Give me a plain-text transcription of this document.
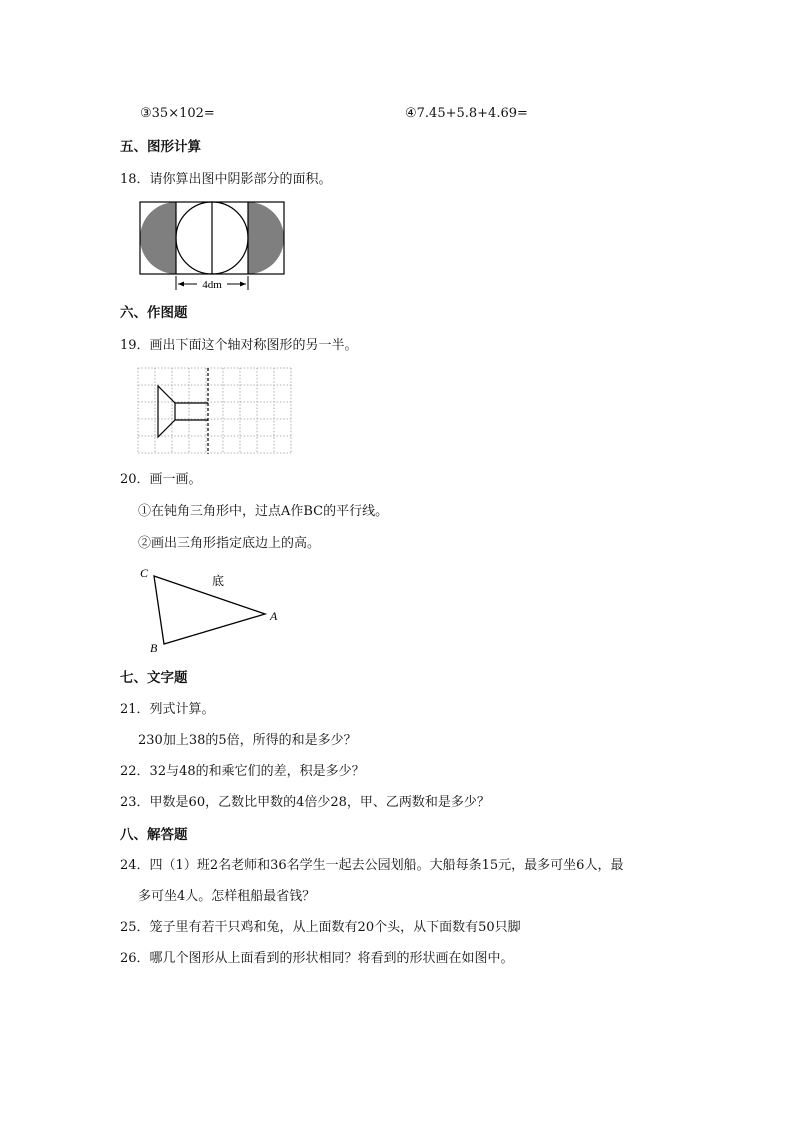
③35×102=	④7.45+5.8+4.69=
五、图形计算
18．请你算出图中阴影部分的面积。
4dm
六、作图题
19．画出下面这个轴对称图形的另一半。
20．画一画。
①在钝角三角形中，过点A作BC的平行线。
②画出三角形指定底边上的高。
C
A
B
底
七、文字题
21．列式计算。
230加上38的5倍，所得的和是多少？
22．32与48的和乘它们的差，积是多少？
23．甲数是60，乙数比甲数的4倍少28，甲、乙两数和是多少？
八、解答题
24．四（1）班2名老师和36名学生一起去公园划船。大船每条15元，最多可坐6人，最
多可坐4人。怎样租船最省钱？
25．笼子里有若干只鸡和兔，从上面数有20个头，从下面数有50只脚
26．哪几个图形从上面看到的形状相同？将看到的形状画在如图中。
